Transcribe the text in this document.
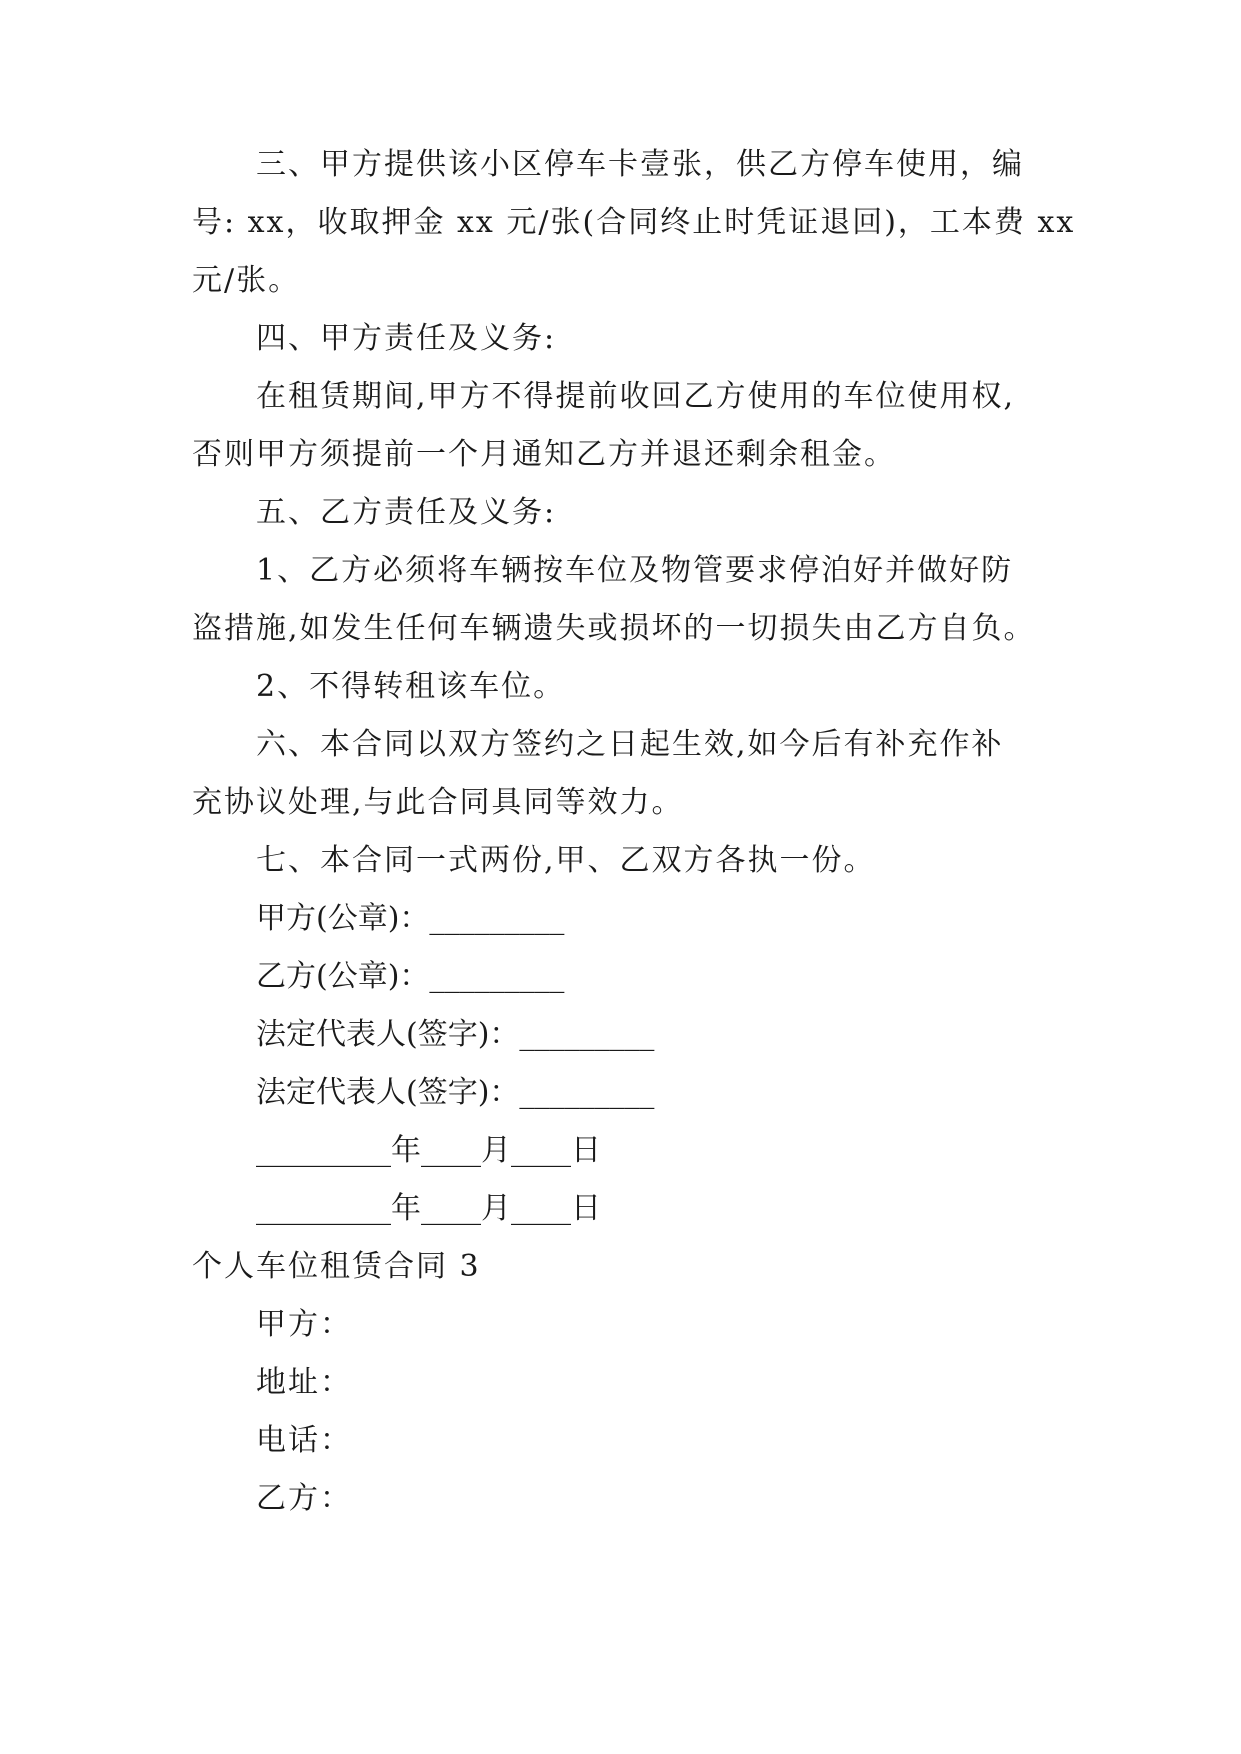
三、甲方提供该小区停车卡壹张，供乙方停车使用，编
号: xx，收取押金 xx 元/张(合同终止时凭证退回)，工本费 xx
元/张。
四、甲方责任及义务:
在租赁期间,甲方不得提前收回乙方使用的车位使用权,
否则甲方须提前一个月通知乙方并退还剩余租金。
五、乙方责任及义务:
1、乙方必须将车辆按车位及物管要求停泊好并做好防
盗措施,如发生任何车辆遗失或损坏的一切损失由乙方自负。
2、不得转租该车位。
六、本合同以双方签约之日起生效,如今后有补充作补
充协议处理,与此合同具同等效力。
七、本合同一式两份,甲、乙双方各执一份。
甲方(公章)：_________
乙方(公章)：_________
法定代表人(签字)：_________
法定代表人(签字)：_________
_________年____月____日
_________年____月____日
个人车位租赁合同 3
甲方：
地址：
电话：
乙方：
